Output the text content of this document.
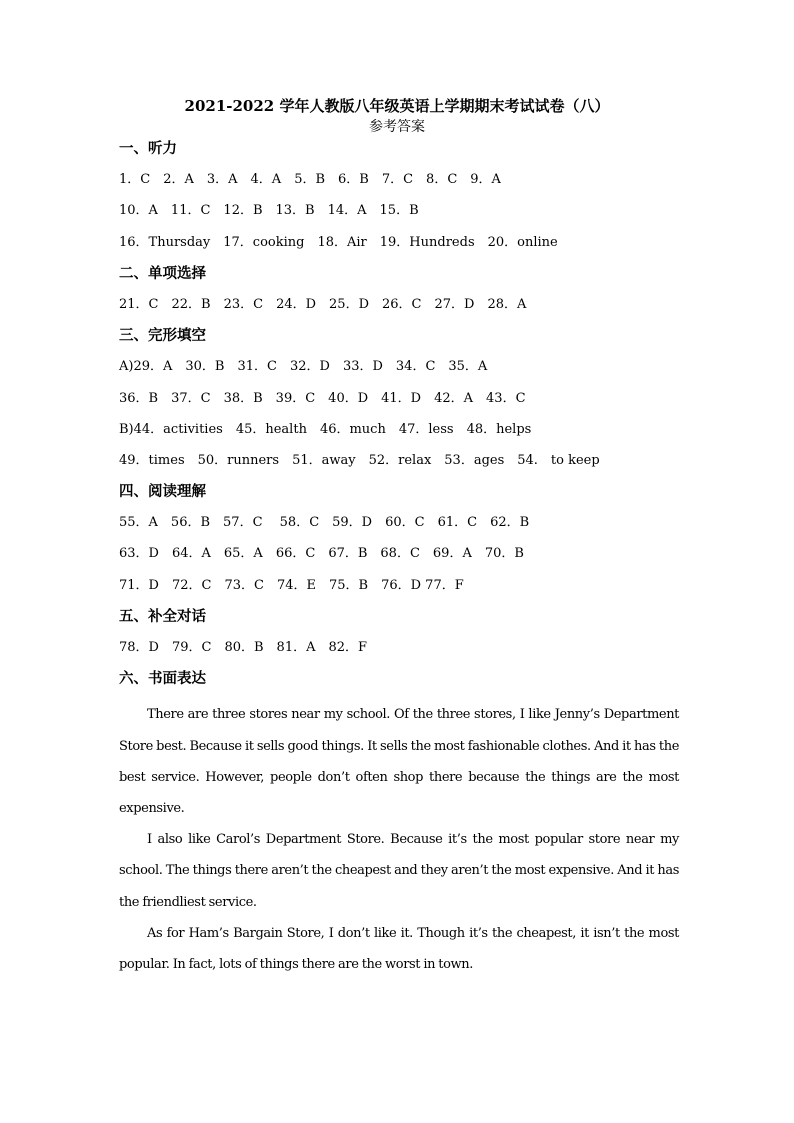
2021-2022 学年人教版八年级英语上学期期末考试试卷（八）
参考答案
一、听力
1．C　2．A　3．A　4．A　5．B　6．B　7．C　8．C　9．A
10．A　11．C　12．B　13．B　14．A　15．B
16．Thursday　17．cooking　18．Air　19．Hundreds　20．online
二、单项选择
21．C　22．B　23．C　24．D　25．D　26．C　27．D　28．A
三、完形填空
A)29．A　30．B　31．C　32．D　33．D　34．C　35．A
36．B　37．C　38．B　39．C　40．D　41．D　42．A　43．C
B)44．activities　45．health　46．much　47．less　48．helps
49．times　50．runners　51．away　52．relax　53．ages　54.　to keep
四、阅读理解
55．A　56．B　57．C　 58．C　59．D　60．C　61．C　62．B
63．D　64．A　65．A　66．C　67．B　68．C　69．A　70．B
71．D　72．C　73．C　74．E　75．B　76．D 77．F
五、补全对话
78．D　79．C　80．B　81．A　82．F
六、书面表达

There are three stores near my school. Of the three stores, I like Jenny’s Department Store best. Because it sells good things. It sells the most fashionable clothes. And it has the best service. However, people don’t often shop there because the things are the most expensive.

I also like Carol’s Department Store. Because it’s the most popular store near my school. The things there aren’t the cheapest and they aren’t the most expensive. And it has the friendliest service.

As for Ham’s Bargain Store, I don’t like it. Though it’s the cheapest, it isn’t the most popular. In fact, lots of things there are the worst in town.
